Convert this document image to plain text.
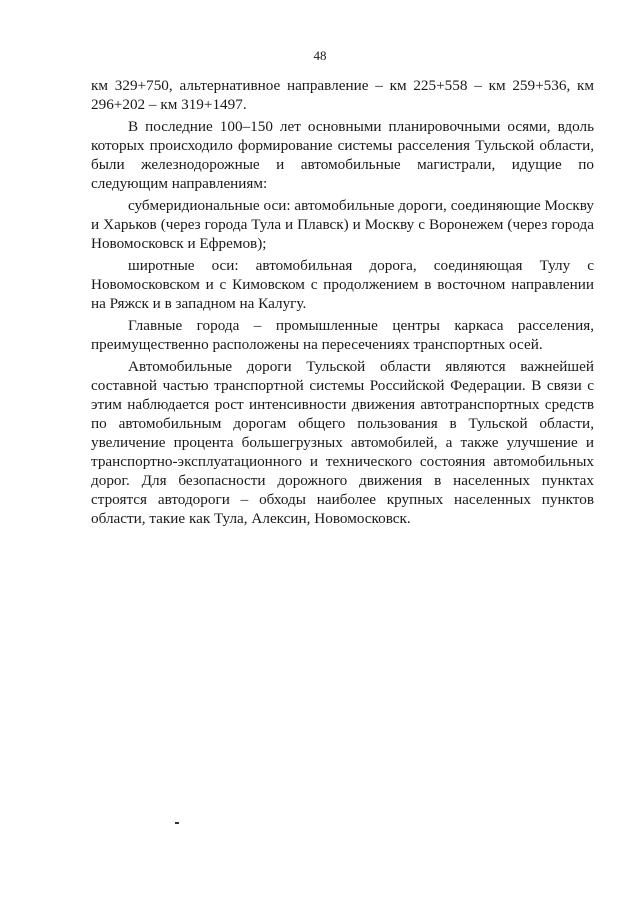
48

км 329+750, альтернативное направление – км 225+558 – км 259+536, км 296+202 – км 319+1497.

В последние 100–150 лет основными планировочными осями, вдоль которых происходило формирование системы расселения Тульской области, были железнодорожные и автомобильные магистрали, идущие по следующим направлениям:

субмеридиональные оси: автомобильные дороги, соединяющие Москву и Харьков (через города Тула и Плавск) и Москву с Воронежем (через города Новомосковск и Ефремов);

широтные оси: автомобильная дорога, соединяющая Тулу с Новомосковском и с Кимовском с продолжением в восточном направлении на Ряжск и в западном на Калугу.

Главные города – промышленные центры каркаса расселения, преимущественно расположены на пересечениях транспортных осей.

Автомобильные дороги Тульской области являются важнейшей составной частью транспортной системы Российской Федерации. В связи с этим наблюдается рост интенсивности движения автотранспортных средств по автомобильным дорогам общего пользования в Тульской области, увеличение процента большегрузных автомобилей, а также улучшение и транспортно-эксплуатационного и технического состояния автомобильных дорог. Для безопасности дорожного движения в населенных пунктах строятся автодороги – обходы наиболее крупных населенных пунктов области, такие как Тула, Алексин, Новомосковск.
